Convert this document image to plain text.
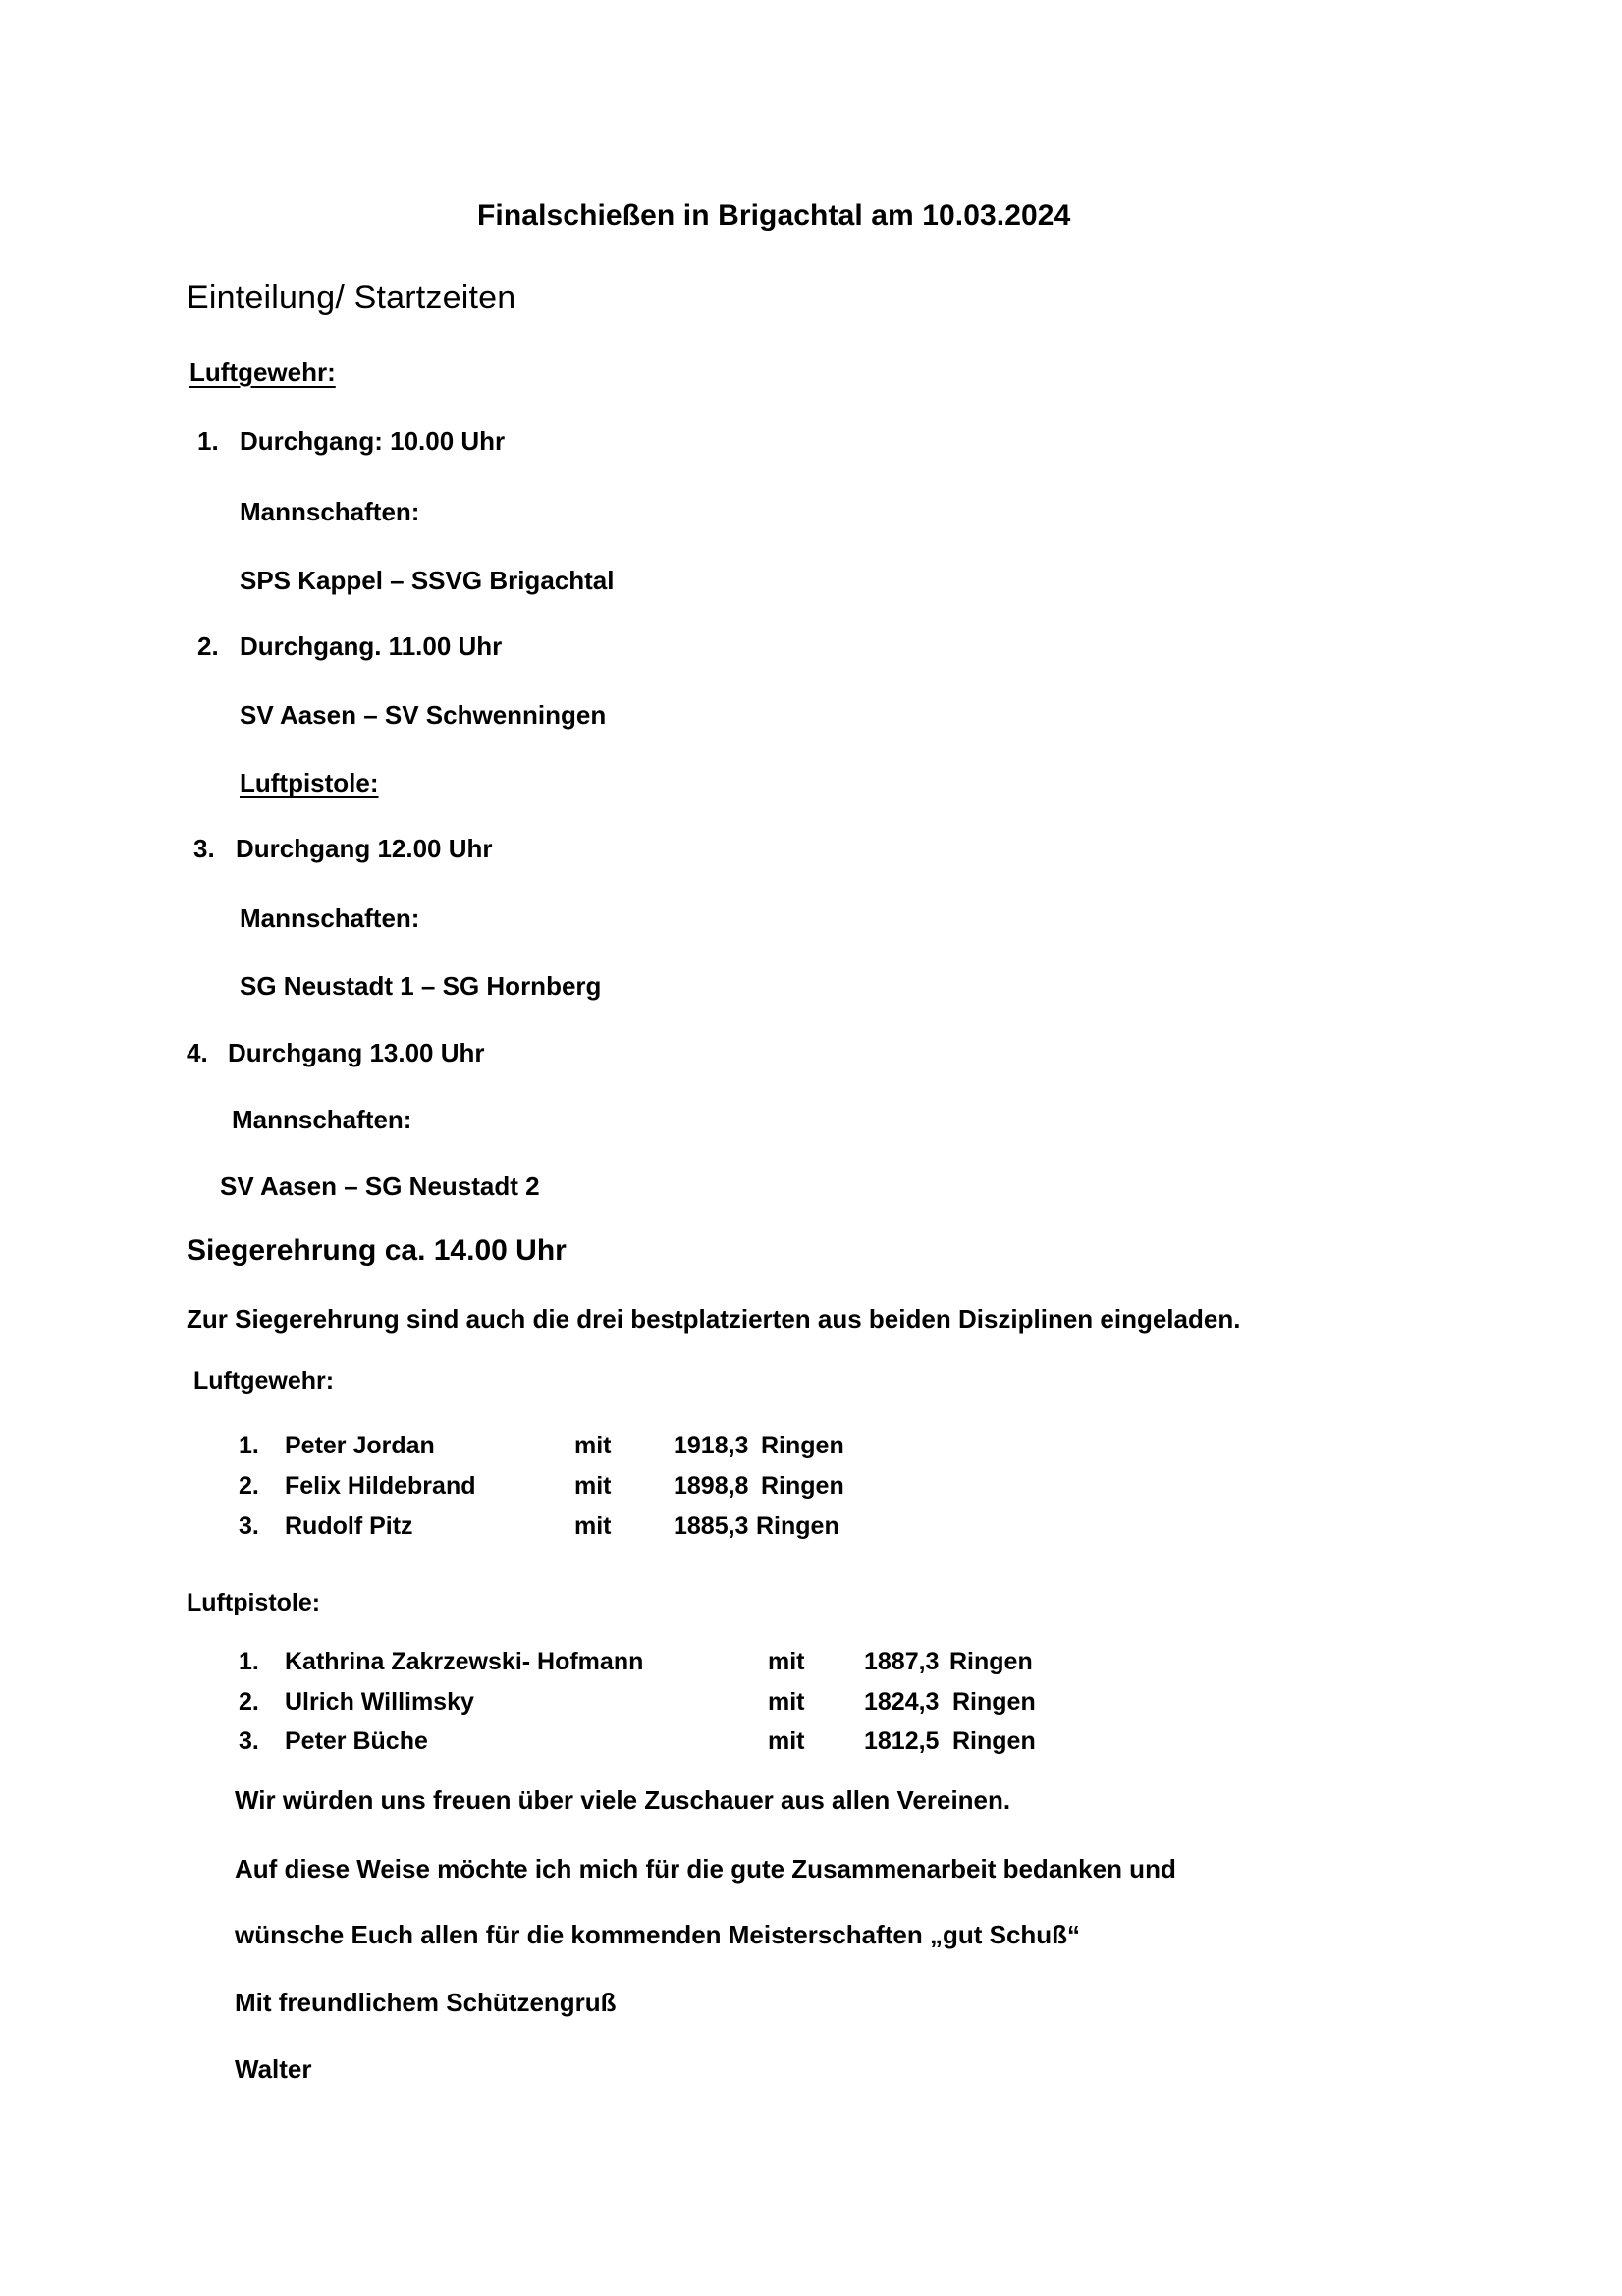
Finalschießen in Brigachtal am 10.03.2024
Einteilung/ Startzeiten
Luftgewehr:
1. Durchgang: 10.00 Uhr
Mannschaften:
SPS Kappel – SSVG Brigachtal
2. Durchgang. 11.00 Uhr
SV Aasen – SV Schwenningen
Luftpistole:
3. Durchgang 12.00 Uhr
Mannschaften:
SG Neustadt 1 – SG Hornberg
4. Durchgang 13.00 Uhr
Mannschaften:
SV Aasen – SG Neustadt 2
Siegerehrung ca. 14.00 Uhr
Zur Siegerehrung sind auch die drei bestplatzierten aus beiden Disziplinen eingeladen.
Luftgewehr:
1. Peter Jordan	mit	1918,3 Ringen
2. Felix Hildebrand	mit	1898,8 Ringen
3. Rudolf Pitz	mit	1885,3 Ringen
Luftpistole:
1. Kathrina Zakrzewski- Hofmann	mit 1887,3 Ringen
2. Ulrich Willimsky	mit 1824,3 Ringen
3. Peter Büche	mit 1812,5 Ringen
Wir würden uns freuen über viele Zuschauer aus allen Vereinen.
Auf diese Weise möchte ich mich für die gute Zusammenarbeit bedanken und
wünsche Euch allen für die kommenden Meisterschaften „gut Schuß“
Mit freundlichem Schützengruß
Walter
